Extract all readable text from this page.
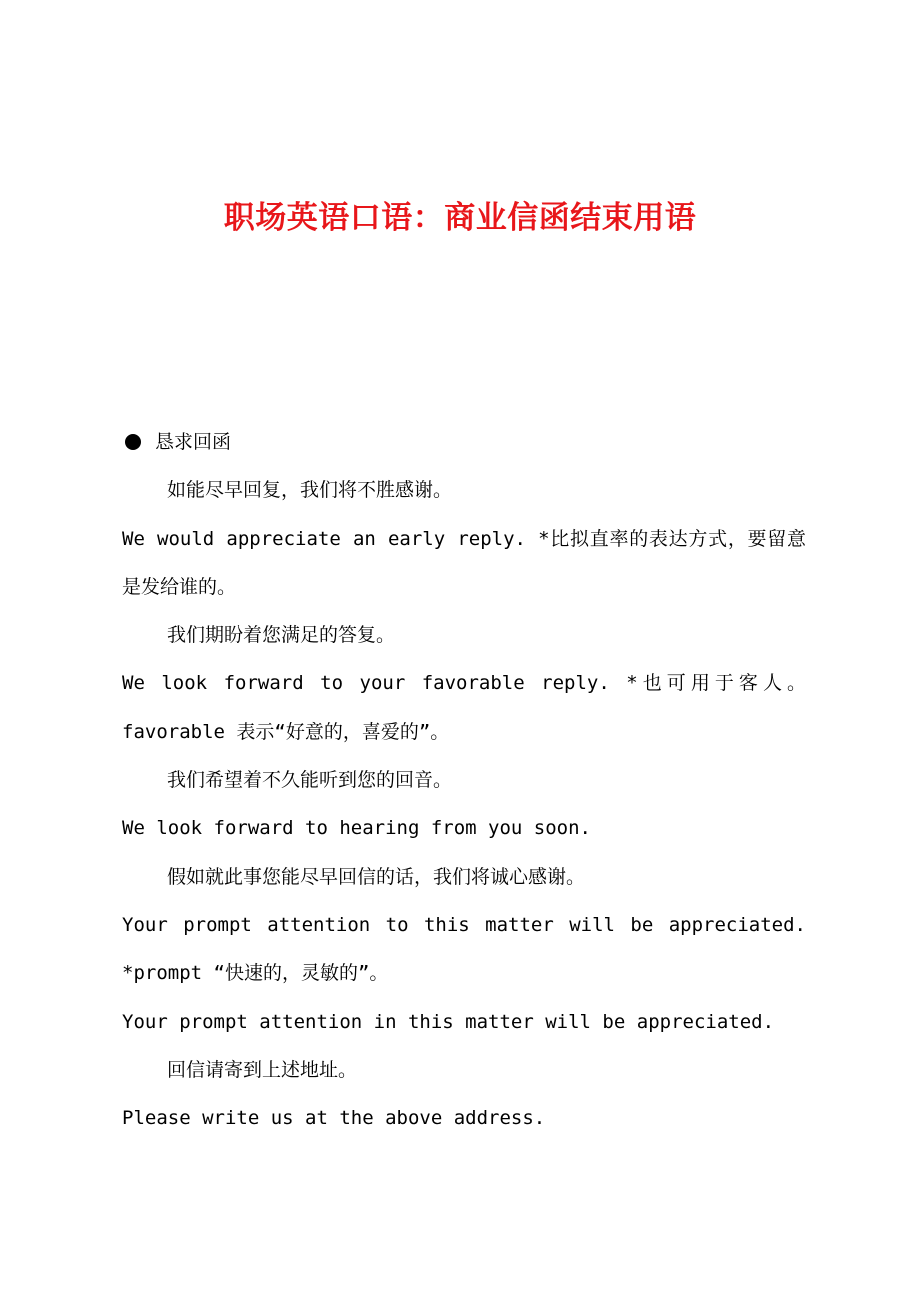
职场英语口语：商业信函结束用语
恳求回函

如能尽早回复，我们将不胜感谢。

We would appreciate an early reply. *比拟直率的表达方式，要留意

是发给谁的。

我们期盼着您满足的答复。

We look forward to your favorable reply. *也可用于客人。

favorable 表示“好意的，喜爱的”。

我们希望着不久能听到您的回音。

We look forward to hearing from you soon.

假如就此事您能尽早回信的话，我们将诚心感谢。

Your prompt attention to this matter will be appreciated.

*prompt “快速的，灵敏的”。

Your prompt attention in this matter will be appreciated.

回信请寄到上述地址。

Please write us at the above address.
